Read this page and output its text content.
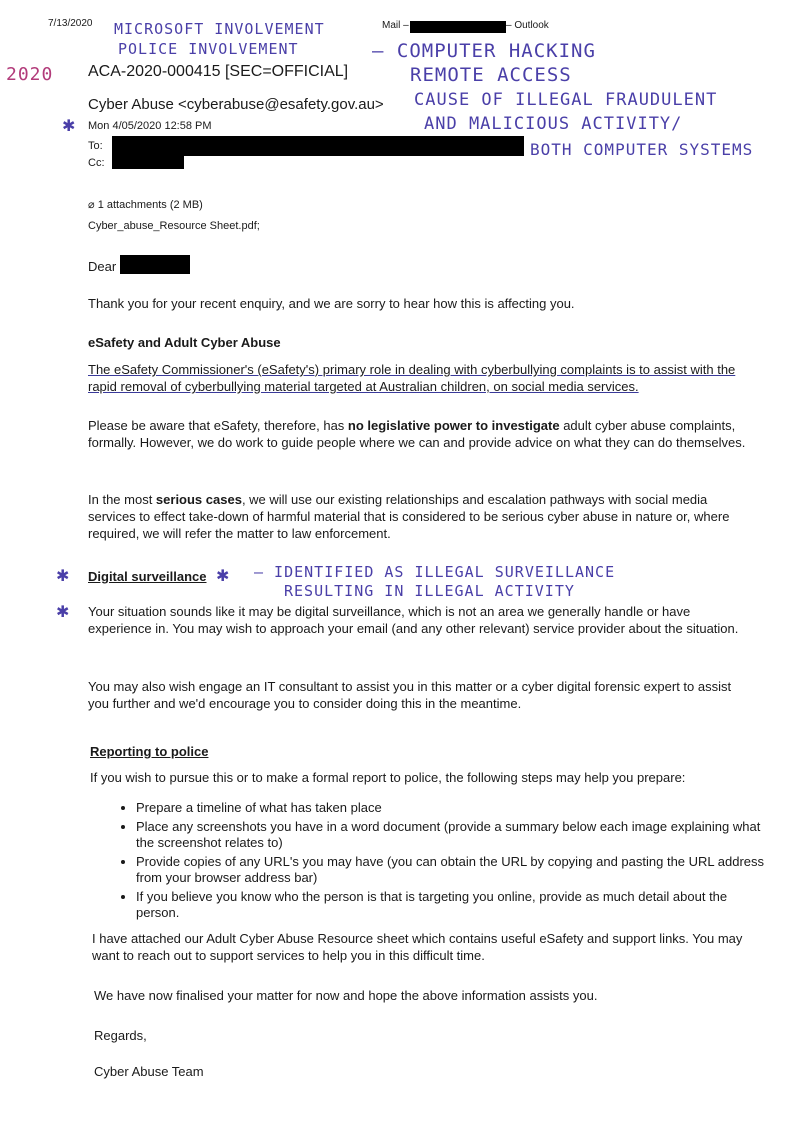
7/13/2020	Mail –	– Outlook
MICROSOFT INVOLVEMENT
POLICE INVOLVEMENT
2020
– COMPUTER HACKING
REMOTE ACCESS
CAUSE OF ILLEGAL FRAUDULENT
AND MALICIOUS ACTIVITY/
BOTH COMPUTER SYSTEMS
ACA-2020-000415 [SEC=OFFICIAL]
Cyber Abuse <cyberabuse@esafety.gov.au>
✱ Mon 4/05/2020 12:58 PM
To:
Cc:
⌀ 1 attachments (2 MB)
Cyber_abuse_Resource Sheet.pdf;
Dear
Thank you for your recent enquiry, and we are sorry to hear how this is affecting you.
eSafety and Adult Cyber Abuse
The eSafety Commissioner's (eSafety's) primary role in dealing with cyberbullying complaints is to assist with the rapid removal of cyberbullying material targeted at Australian children, on social media services.
Please be aware that eSafety, therefore, has no legislative power to investigate adult cyber abuse complaints, formally. However, we do work to guide people where we can and provide advice on what they can do themselves.
In the most serious cases, we will use our existing relationships and escalation pathways with social media services to effect take-down of harmful material that is considered to be serious cyber abuse in nature or, where required, we will refer the matter to law enforcement.
✱ Digital surveillance ✱ – IDENTIFIED AS ILLEGAL SURVEILLANCE
RESULTING IN ILLEGAL ACTIVITY
✱ Your situation sounds like it may be digital surveillance, which is not an area we generally handle or have experience in. You may wish to approach your email (and any other relevant) service provider about the situation.
You may also wish engage an IT consultant to assist you in this matter or a cyber digital forensic expert to assist you further and we'd encourage you to consider doing this in the meantime.
Reporting to police
If you wish to pursue this or to make a formal report to police, the following steps may help you prepare:
• Prepare a timeline of what has taken place
• Place any screenshots you have in a word document (provide a summary below each image explaining what the screenshot relates to)
• Provide copies of any URL's you may have (you can obtain the URL by copying and pasting the URL address from your browser address bar)
• If you believe you know who the person is that is targeting you online, provide as much detail about the person.
I have attached our Adult Cyber Abuse Resource sheet which contains useful eSafety and support links. You may want to reach out to support services to help you in this difficult time.
We have now finalised your matter for now and hope the above information assists you.
Regards,
Cyber Abuse Team
